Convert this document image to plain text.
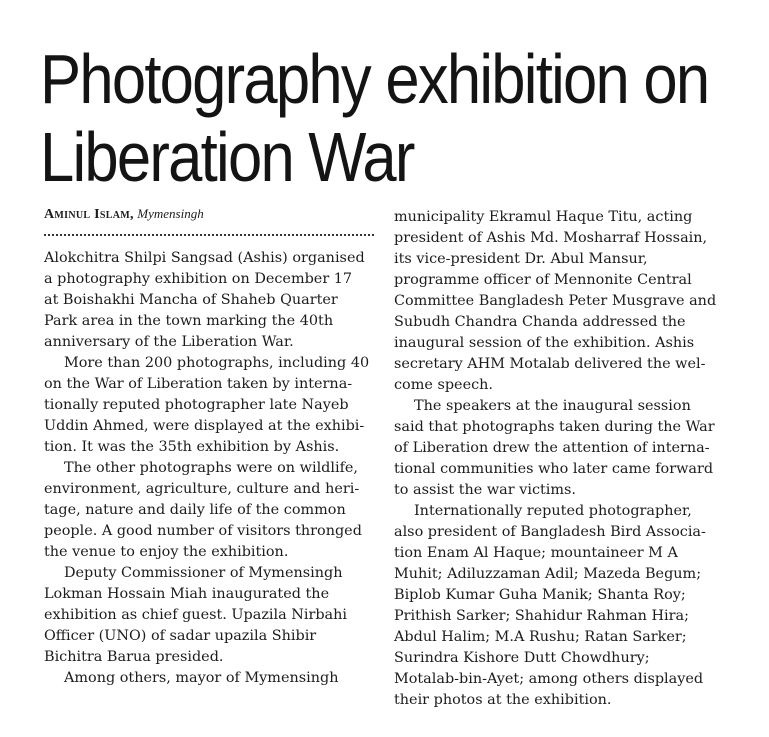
Photography exhibition on
Liberation War
Aminul Islam, Mymensingh
Alokchitra Shilpi Sangsad (Ashis) organised
a photography exhibition on December 17
at Boishakhi Mancha of Shaheb Quarter
Park area in the town marking the 40th
anniversary of the Liberation War.
More than 200 photographs, including 40
on the War of Liberation taken by interna-
tionally reputed photographer late Nayeb
Uddin Ahmed, were displayed at the exhibi-
tion. It was the 35th exhibition by Ashis.
The other photographs were on wildlife,
environment, agriculture, culture and heri-
tage, nature and daily life of the common
people. A good number of visitors thronged
the venue to enjoy the exhibition.
Deputy Commissioner of Mymensingh
Lokman Hossain Miah inaugurated the
exhibition as chief guest. Upazila Nirbahi
Officer (UNO) of sadar upazila Shibir
Bichitra Barua presided.
Among others, mayor of Mymensingh
municipality Ekramul Haque Titu, acting
president of Ashis Md. Mosharraf Hossain,
its vice-president Dr. Abul Mansur,
programme officer of Mennonite Central
Committee Bangladesh Peter Musgrave and
Subudh Chandra Chanda addressed the
inaugural session of the exhibition. Ashis
secretary AHM Motalab delivered the wel-
come speech.
The speakers at the inaugural session
said that photographs taken during the War
of Liberation drew the attention of interna-
tional communities who later came forward
to assist the war victims.
Internationally reputed photographer,
also president of Bangladesh Bird Associa-
tion Enam Al Haque; mountaineer M A
Muhit; Adiluzzaman Adil; Mazeda Begum;
Biplob Kumar Guha Manik; Shanta Roy;
Prithish Sarker; Shahidur Rahman Hira;
Abdul Halim; M.A Rushu; Ratan Sarker;
Surindra Kishore Dutt Chowdhury;
Motalab-bin-Ayet; among others displayed
their photos at the exhibition.
